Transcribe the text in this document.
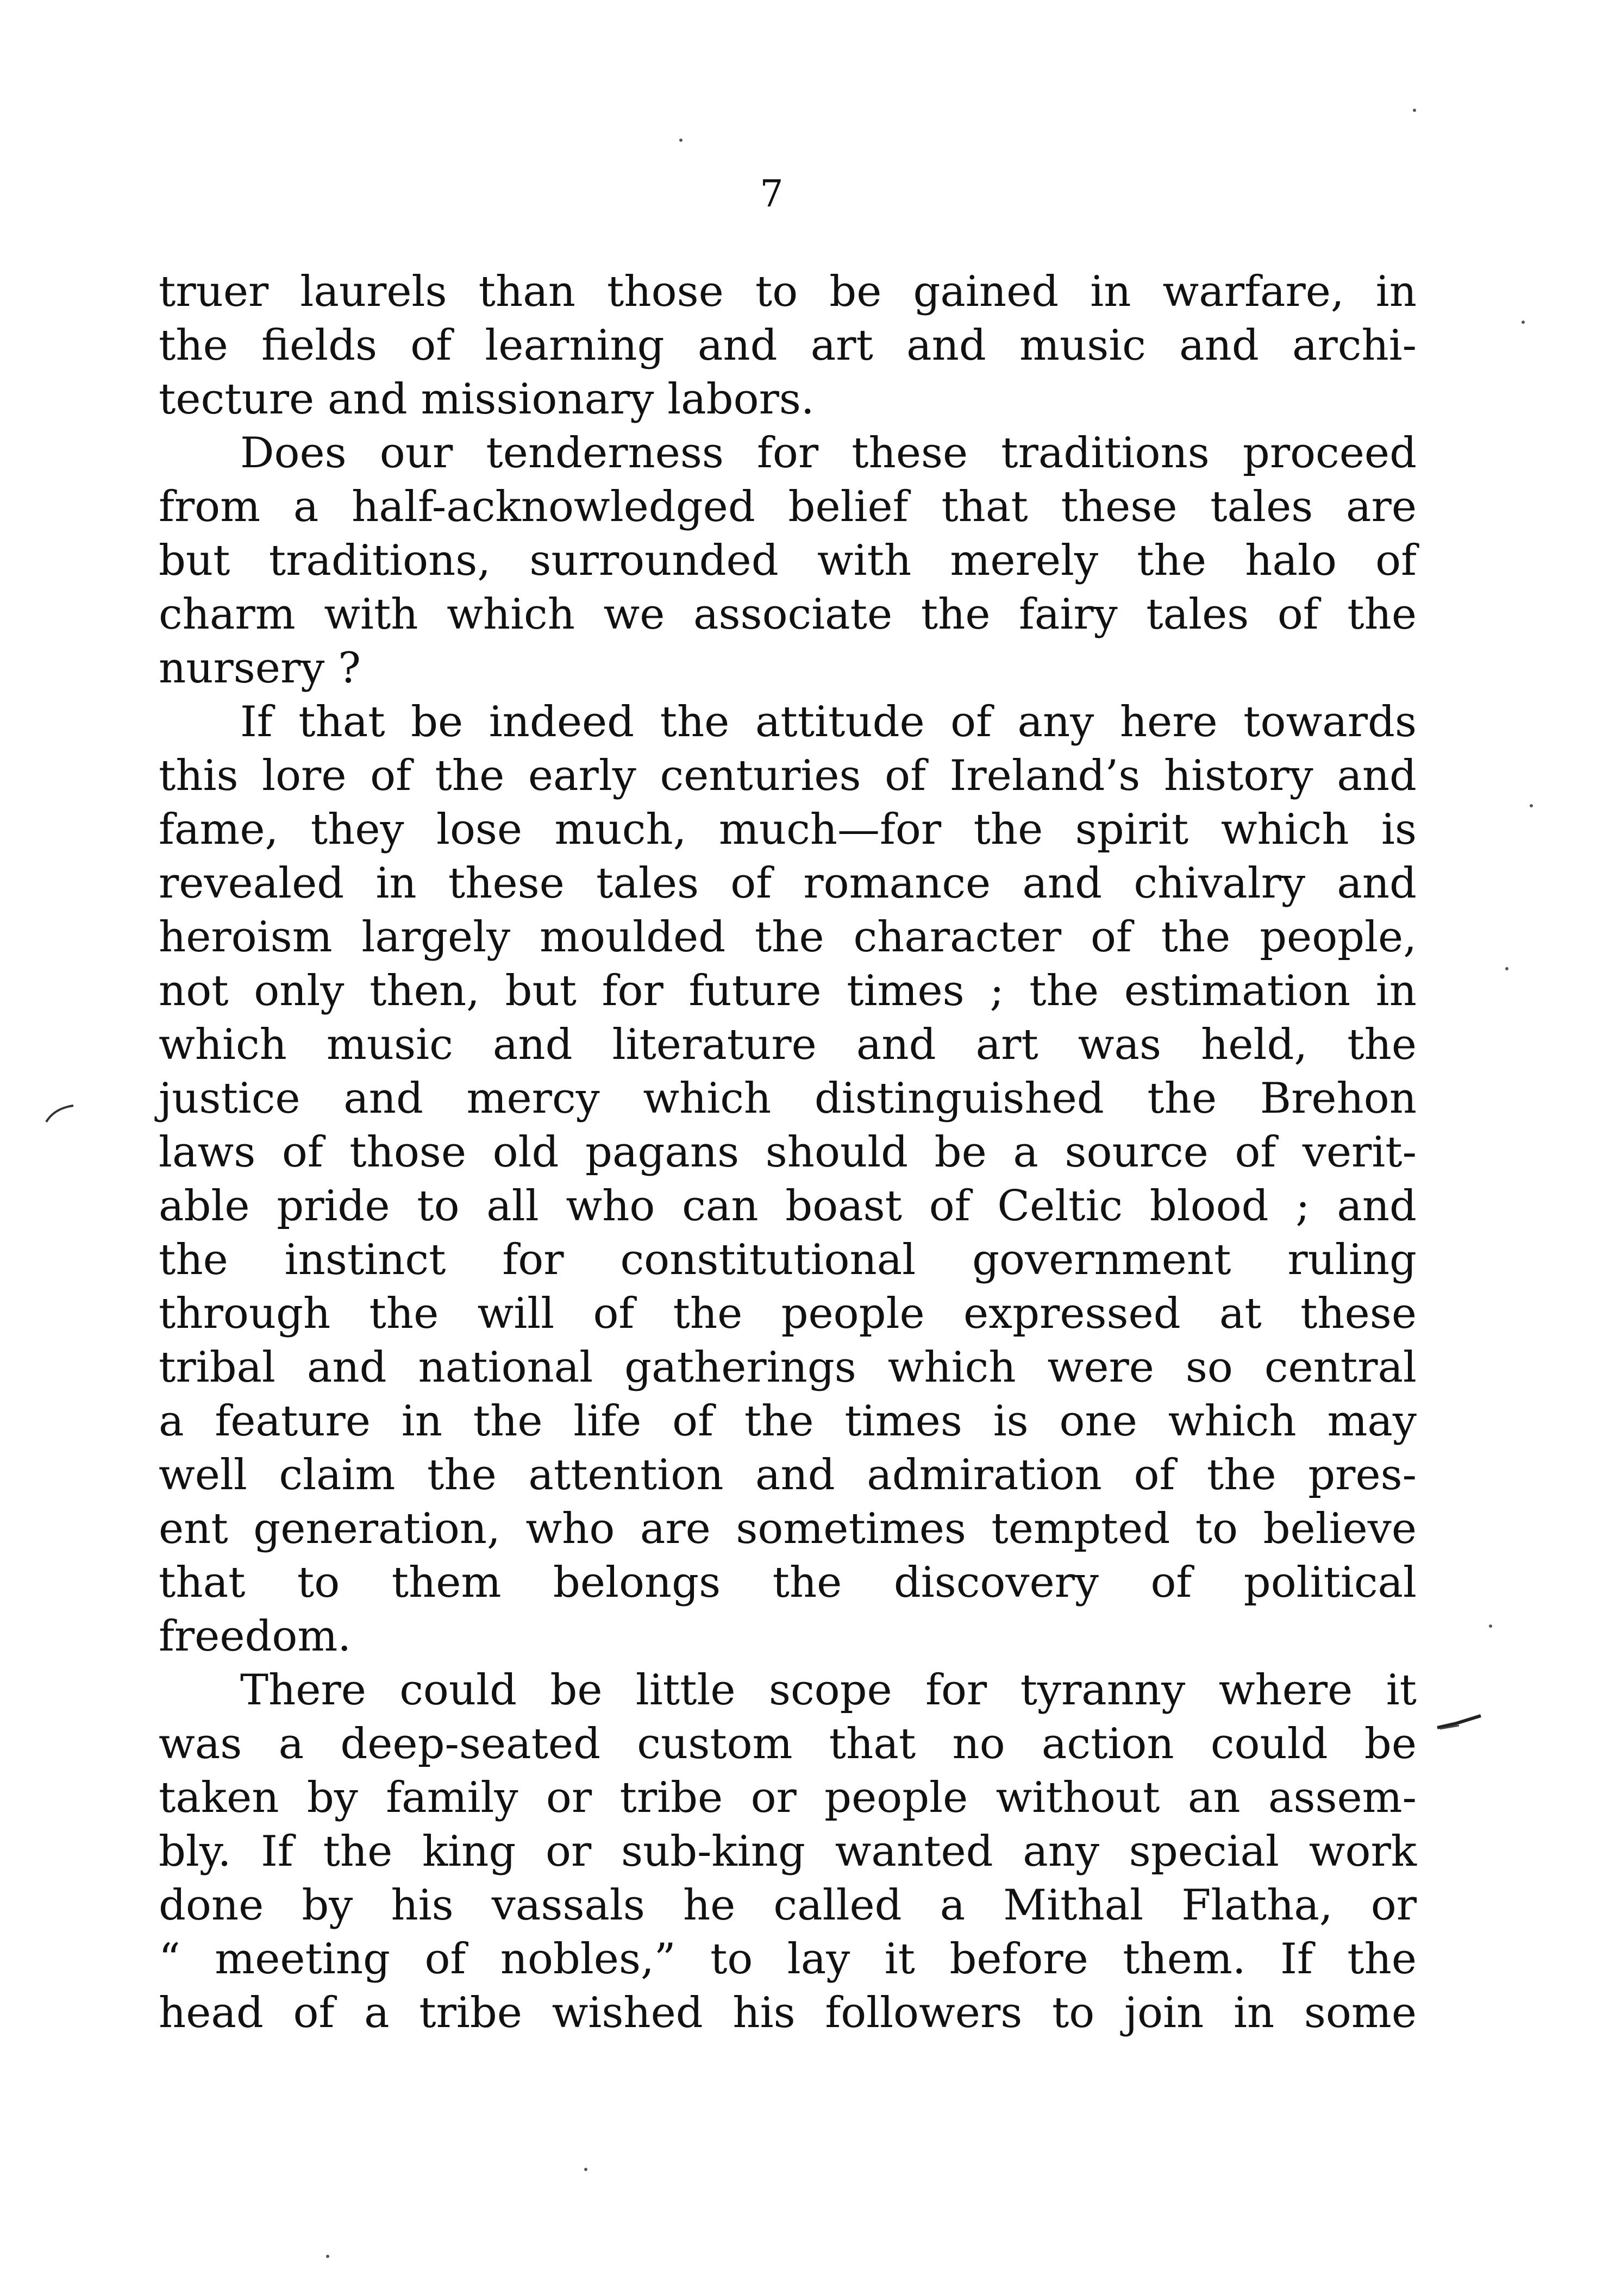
7
truer laurels than those to be gained in warfare, in
the fields of learning and art and music and archi-
tecture and missionary labors.
Does our tenderness for these traditions proceed
from a half-acknowledged belief that these tales are
but traditions, surrounded with merely the halo of
charm with which we associate the fairy tales of the
nursery ?
If that be indeed the attitude of any here towards
this lore of the early centuries of Ireland’s history and
fame, they lose much, much—for the spirit which is
revealed in these tales of romance and chivalry and
heroism largely moulded the character of the people,
not only then, but for future times ; the estimation in
which music and literature and art was held, the
justice and mercy which distinguished the Brehon
laws of those old pagans should be a source of verit-
able pride to all who can boast of Celtic blood ; and
the instinct for constitutional government ruling
through the will of the people expressed at these
tribal and national gatherings which were so central
a feature in the life of the times is one which may
well claim the attention and admiration of the pres-
ent generation, who are sometimes tempted to believe
that to them belongs the discovery of political
freedom.
There could be little scope for tyranny where it
was a deep-seated custom that no action could be
taken by family or tribe or people without an assem-
bly. If the king or sub-king wanted any special work
done by his vassals he called a Mithal Flatha, or
“ meeting of nobles,” to lay it before them. If the
head of a tribe wished his followers to join in some
